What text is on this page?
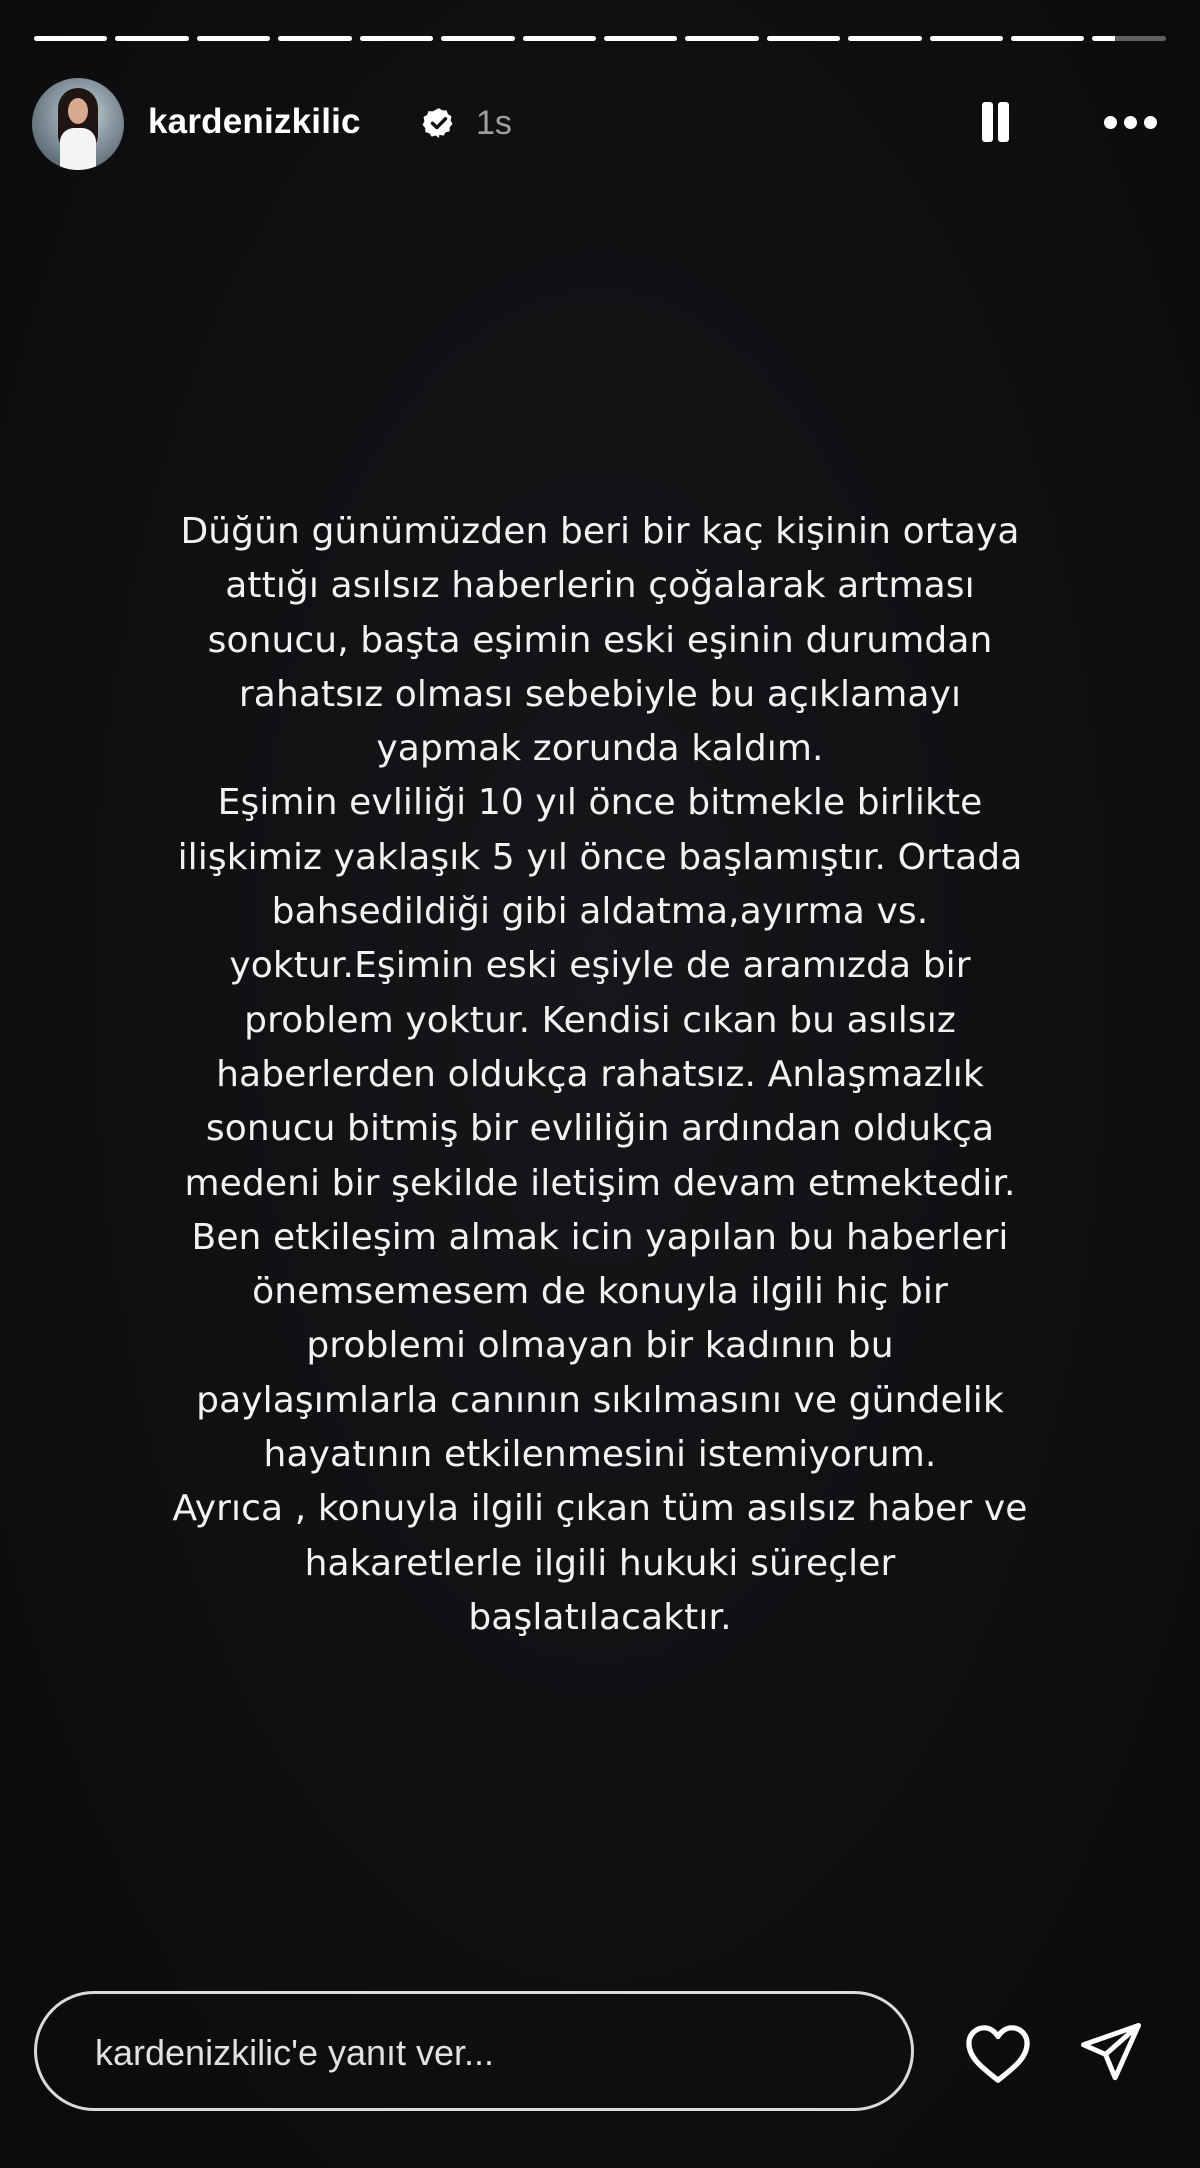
kardenizkilic	1s
Düğün günümüzden beri bir kaç kişinin ortaya
attığı asılsız haberlerin çoğalarak artması
sonucu, başta eşimin eski eşinin durumdan
rahatsız olması sebebiyle bu açıklamayı
yapmak zorunda kaldım.
Eşimin evliliği 10 yıl önce bitmekle birlikte
ilişkimiz yaklaşık 5 yıl önce başlamıştır. Ortada
bahsedildiği gibi aldatma,ayırma vs.
yoktur.Eşimin eski eşiyle de aramızda bir
problem yoktur. Kendisi cıkan bu asılsız
haberlerden oldukça rahatsız. Anlaşmazlık
sonucu bitmiş bir evliliğin ardından oldukça
medeni bir şekilde iletişim devam etmektedir.
Ben etkileşim almak icin yapılan bu haberleri
önemsemesem de konuyla ilgili hiç bir
problemi olmayan bir kadının bu
paylaşımlarla canının sıkılmasını ve gündelik
hayatının etkilenmesini istemiyorum.
Ayrıca , konuyla ilgili çıkan tüm asılsız haber ve
hakaretlerle ilgili hukuki süreçler
başlatılacaktır.
kardenizkilic'e yanıt ver...
